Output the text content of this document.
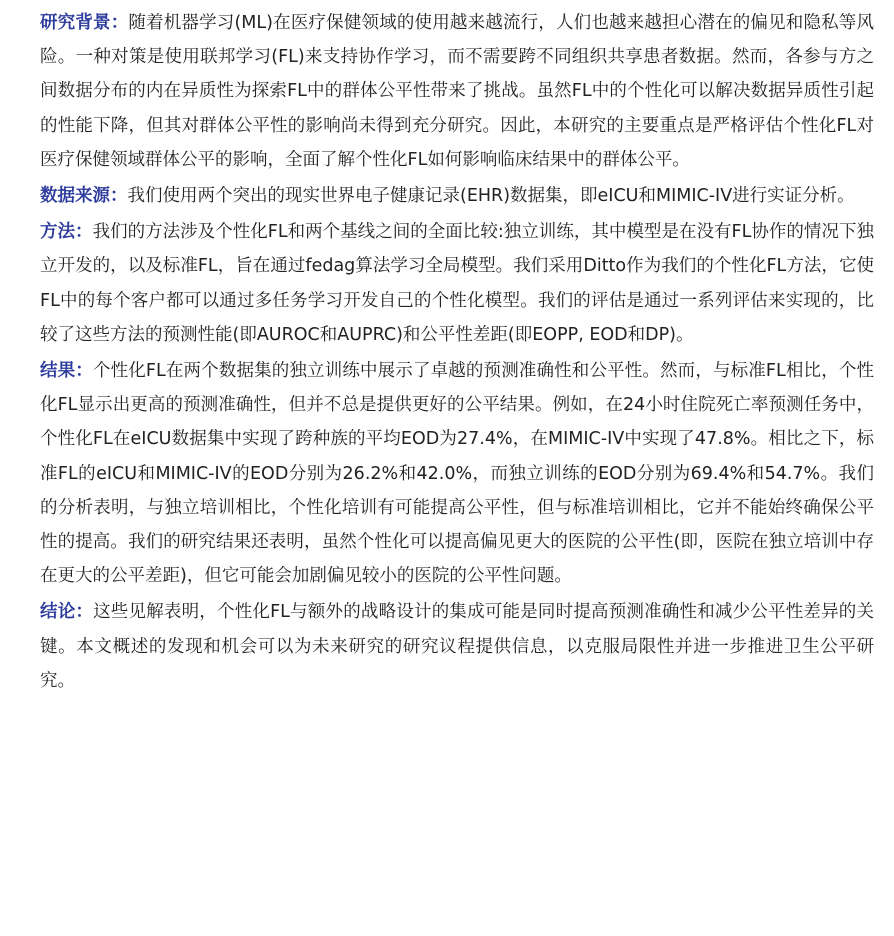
研究背景：随着机器学习(ML)在医疗保健领域的使用越来越流行，人们也越来越担心潜在的偏见和隐私等风险。一种对策是使用联邦学习(FL)来支持协作学习，而不需要跨不同组织共享患者数据。然而，各参与方之间数据分布的内在异质性为探索FL中的群体公平性带来了挑战。虽然FL中的个性化可以解决数据异质性引起的性能下降，但其对群体公平性的影响尚未得到充分研究。因此，本研究的主要重点是严格评估个性化FL对医疗保健领域群体公平的影响，全面了解个性化FL如何影响临床结果中的群体公平。

数据来源：我们使用两个突出的现实世界电子健康记录(EHR)数据集，即eICU和MIMIC-IV进行实证分析。

方法：我们的方法涉及个性化FL和两个基线之间的全面比较:独立训练，其中模型是在没有FL协作的情况下独立开发的，以及标准FL，旨在通过fedag算法学习全局模型。我们采用Ditto作为我们的个性化FL方法，它使FL中的每个客户都可以通过多任务学习开发自己的个性化模型。我们的评估是通过一系列评估来实现的，比较了这些方法的预测性能(即AUROC和AUPRC)和公平性差距(即EOPP, EOD和DP)。

结果：个性化FL在两个数据集的独立训练中展示了卓越的预测准确性和公平性。然而，与标准FL相比，个性化FL显示出更高的预测准确性，但并不总是提供更好的公平结果。例如，在24小时住院死亡率预测任务中，个性化FL在eICU数据集中实现了跨种族的平均EOD为27.4%，在MIMIC-IV中实现了47.8%。相比之下，标准FL的eICU和MIMIC-IV的EOD分别为26.2%和42.0%，而独立训练的EOD分别为69.4%和54.7%。我们的分析表明，与独立培训相比，个性化培训有可能提高公平性，但与标准培训相比，它并不能始终确保公平性的提高。我们的研究结果还表明，虽然个性化可以提高偏见更大的医院的公平性(即，医院在独立培训中存在更大的公平差距)，但它可能会加剧偏见较小的医院的公平性问题。

结论：这些见解表明，个性化FL与额外的战略设计的集成可能是同时提高预测准确性和减少公平性差异的关键。本文概述的发现和机会可以为未来研究的研究议程提供信息，以克服局限性并进一步推进卫生公平研究。
